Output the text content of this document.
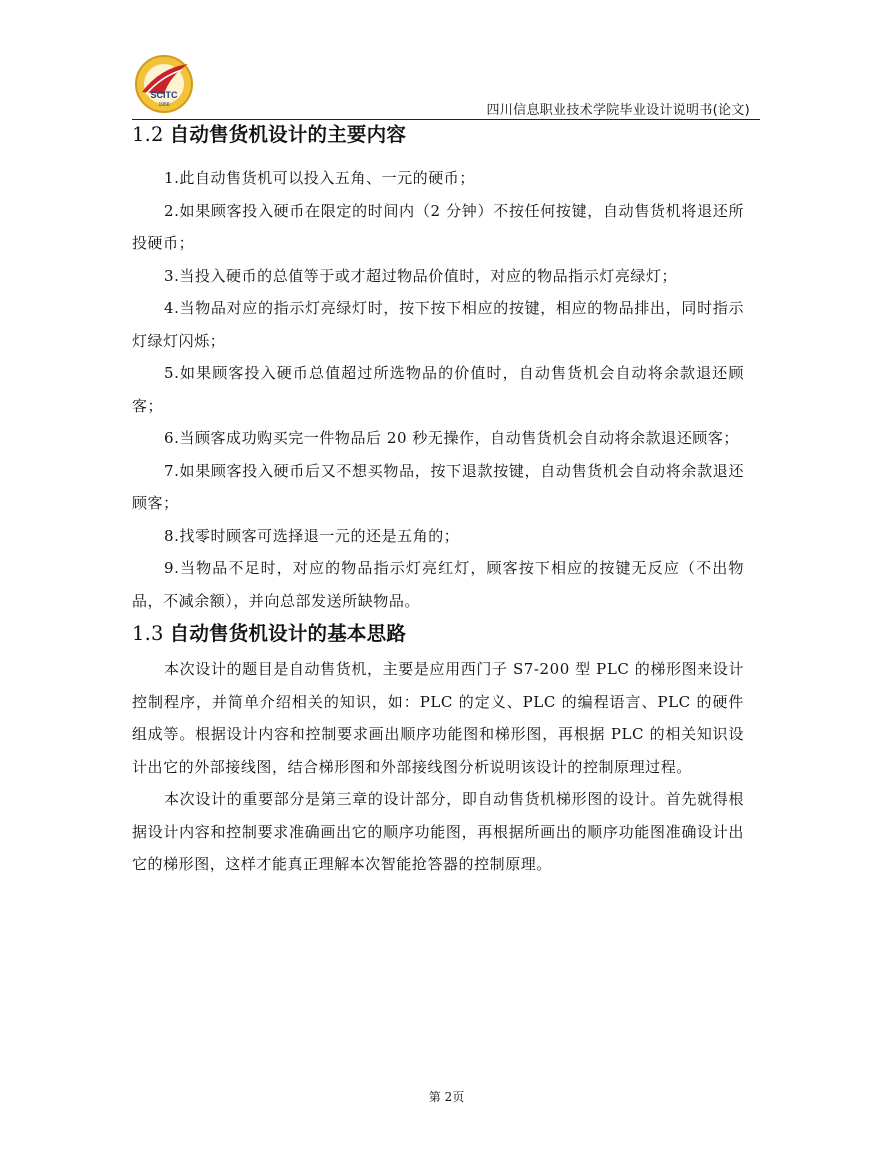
SCITC
1956	四川信息职业技术学院毕业设计说明书(论文)
1.2 自动售货机设计的主要内容

1.此自动售货机可以投入五角、一元的硬币；

2.如果顾客投入硬币在限定的时间内（2 分钟）不按任何按键，自动售货机将退还所投硬币；

3.当投入硬币的总值等于或才超过物品价值时，对应的物品指示灯亮绿灯；

4.当物品对应的指示灯亮绿灯时，按下按下相应的按键，相应的物品排出，同时指示灯绿灯闪烁；

5.如果顾客投入硬币总值超过所选物品的价值时，自动售货机会自动将余款退还顾客；

6.当顾客成功购买完一件物品后 20 秒无操作，自动售货机会自动将余款退还顾客；

7.如果顾客投入硬币后又不想买物品，按下退款按键，自动售货机会自动将余款退还顾客；

8.找零时顾客可选择退一元的还是五角的；

9.当物品不足时，对应的物品指示灯亮红灯，顾客按下相应的按键无反应（不出物品，不减余额），并向总部发送所缺物品。

1.3 自动售货机设计的基本思路

本次设计的题目是自动售货机，主要是应用西门子 S7-200 型 PLC 的梯形图来设计控制程序，并简单介绍相关的知识，如：PLC 的定义、PLC 的编程语言、PLC 的硬件组成等。根据设计内容和控制要求画出顺序功能图和梯形图，再根据 PLC 的相关知识设计出它的外部接线图，结合梯形图和外部接线图分析说明该设计的控制原理过程。

本次设计的重要部分是第三章的设计部分，即自动售货机梯形图的设计。首先就得根据设计内容和控制要求准确画出它的顺序功能图，再根据所画出的顺序功能图准确设计出它的梯形图，这样才能真正理解本次智能抢答器的控制原理。

第 2页
